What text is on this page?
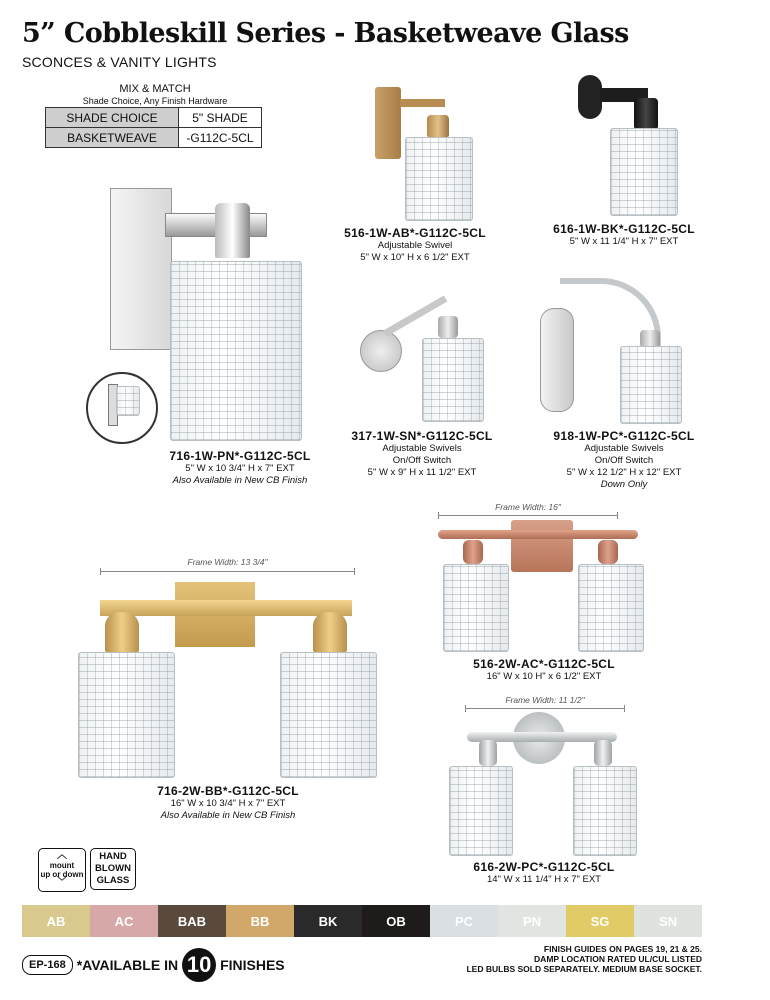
5” Cobbleskill Series - Basketweave Glass
SCONCES & VANITY LIGHTS
MIX & MATCH
Shade Choice, Any Finish Hardware
SHADE CHOICE	5" SHADE
BASKETWEAVE	-G112C-5CL
716-1W-PN*-G112C-5CL
5" W x 10 3/4" H x 7" EXT
Also Available in New CB Finish
516-1W-AB*-G112C-5CL
Adjustable Swivel
5" W x 10" H x 6 1/2" EXT
616-1W-BK*-G112C-5CL
5" W x 11 1/4" H x 7" EXT
317-1W-SN*-G112C-5CL
Adjustable Swivels
On/Off Switch
5" W x 9" H x 11 1/2" EXT
918-1W-PC*-G112C-5CL
Adjustable Swivels
On/Off Switch
5" W x 12 1/2" H x 12" EXT
Down Only
Frame Width: 13 3/4"
716-2W-BB*-G112C-5CL
16" W x 10 3/4" H x 7" EXT
Also Available in New CB Finish
Frame Width: 16"
516-2W-AC*-G112C-5CL
16" W x 10 H" x 6 1/2" EXT
Frame Width: 11 1/2"
616-2W-PC*-G112C-5CL
14" W x 11 1/4" H x 7" EXT
︿
mount
up or down
﹀
HAND
BLOWN
GLASS
AB	AC	BAB	BB	BK	OB	PC	PN	SG	SN
EP-168 *AVAILABLE IN 10 FINISHES
FINISH GUIDES ON PAGES 19, 21 & 25.
DAMP LOCATION RATED UL/CUL LISTED
LED BULBS SOLD SEPARATELY. MEDIUM BASE SOCKET.
